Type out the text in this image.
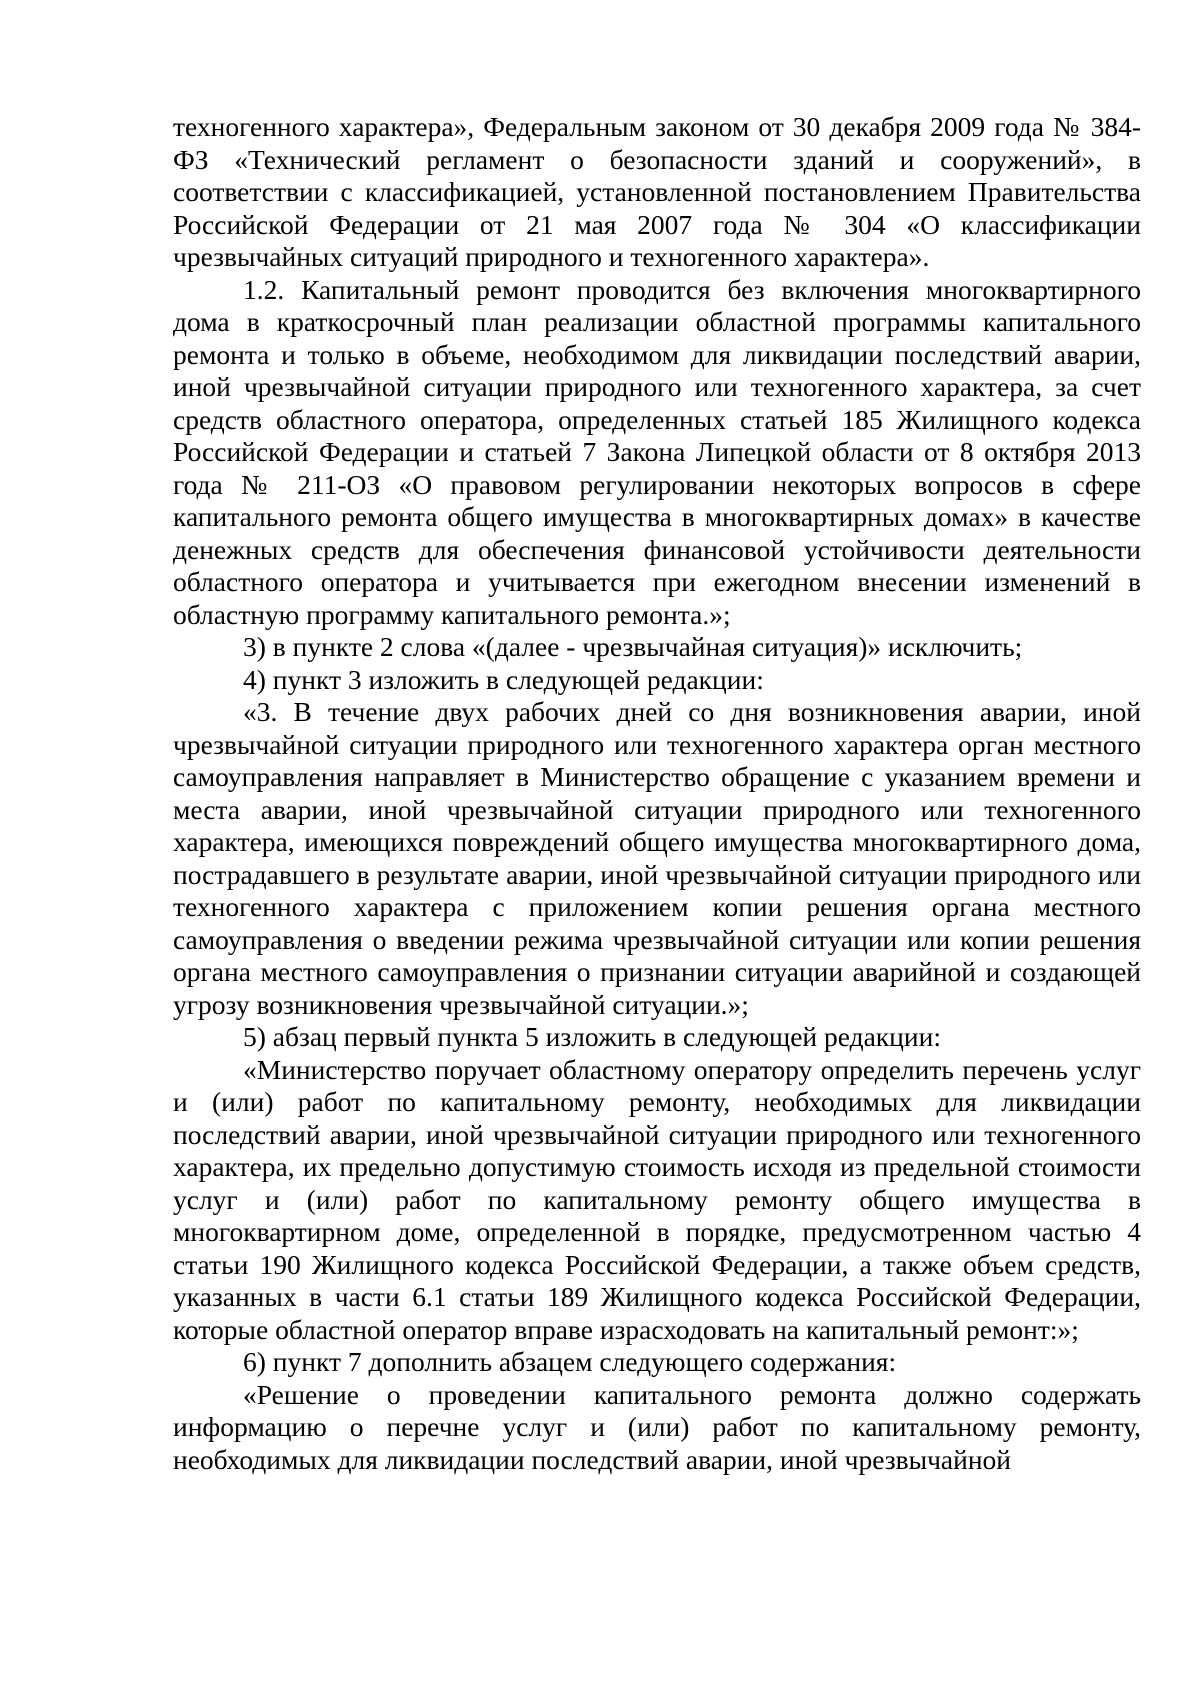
техногенного характера», Федеральным законом от 30 декабря 2009 года № 384-ФЗ «Технический регламент о безопасности зданий и сооружений», в соответствии с классификацией, установленной постановлением Правительства Российской Федерации от 21 мая 2007 года № 304 «О классификации чрезвычайных ситуаций природного и техногенного характера».

1.2. Капитальный ремонт проводится без включения многоквартирного дома в краткосрочный план реализации областной программы капитального ремонта и только в объеме, необходимом для ликвидации последствий аварии, иной чрезвычайной ситуации природного или техногенного характера, за счет средств областного оператора, определенных статьей 185 Жилищного кодекса Российской Федерации и статьей 7 Закона Липецкой области от 8 октября 2013 года № 211-ОЗ «О правовом регулировании некоторых вопросов в сфере капитального ремонта общего имущества в многоквартирных домах» в качестве денежных средств для обеспечения финансовой устойчивости деятельности областного оператора и учитывается при ежегодном внесении изменений в областную программу капитального ремонта.»;

3) в пункте 2 слова «(далее - чрезвычайная ситуация)» исключить;

4) пункт 3 изложить в следующей редакции:

«3. В течение двух рабочих дней со дня возникновения аварии, иной чрезвычайной ситуации природного или техногенного характера орган местного самоуправления направляет в Министерство обращение с указанием времени и места аварии, иной чрезвычайной ситуации природного или техногенного характера, имеющихся повреждений общего имущества многоквартирного дома, пострадавшего в результате аварии, иной чрезвычайной ситуации природного или техногенного характера с приложением копии решения органа местного самоуправления о введении режима чрезвычайной ситуации или копии решения органа местного самоуправления о признании ситуации аварийной и создающей угрозу возникновения чрезвычайной ситуации.»;

5) абзац первый пункта 5 изложить в следующей редакции:

«Министерство поручает областному оператору определить перечень услуг и (или) работ по капитальному ремонту, необходимых для ликвидации последствий аварии, иной чрезвычайной ситуации природного или техногенного характера, их предельно допустимую стоимость исходя из предельной стоимости услуг и (или) работ по капитальному ремонту общего имущества в многоквартирном доме, определенной в порядке, предусмотренном частью 4 статьи 190 Жилищного кодекса Российской Федерации, а также объем средств, указанных в части 6.1 статьи 189 Жилищного кодекса Российской Федерации, которые областной оператор вправе израсходовать на капитальный ремонт:»;

6) пункт 7 дополнить абзацем следующего содержания:

«Решение о проведении капитального ремонта должно содержать информацию о перечне услуг и (или) работ по капитальному ремонту, необходимых для ликвидации последствий аварии, иной чрезвычайной
